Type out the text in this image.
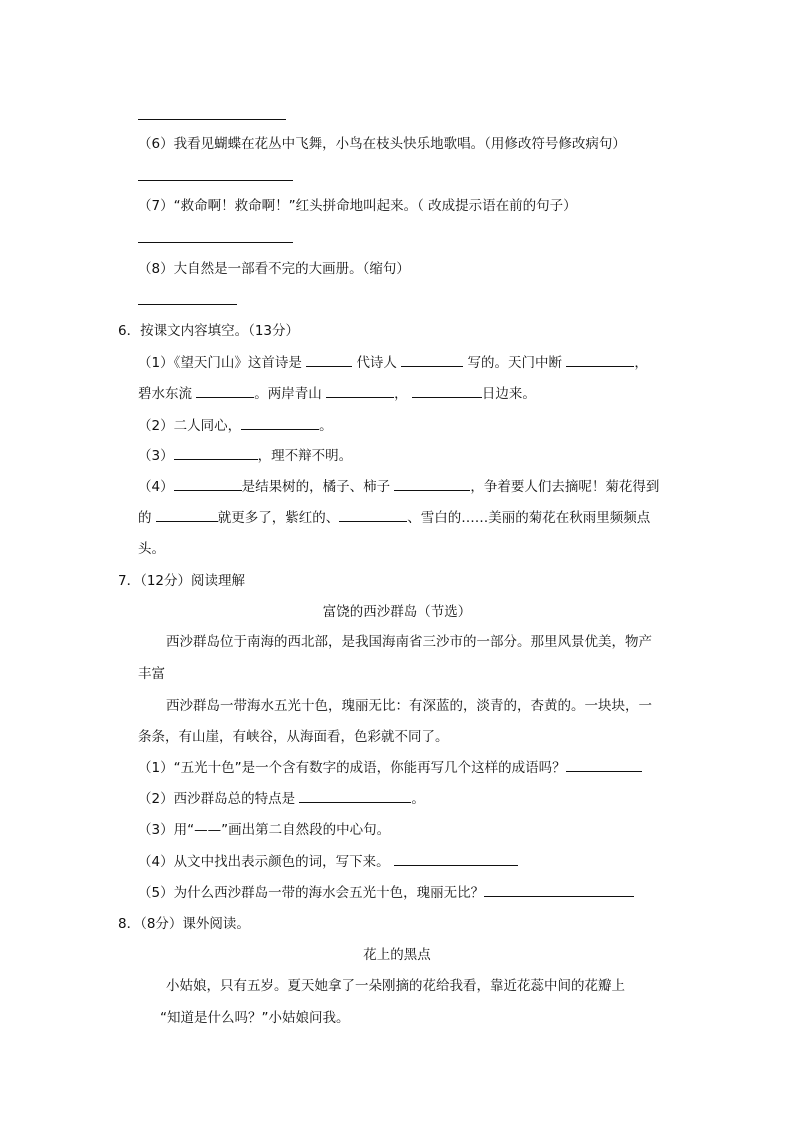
（6）我看见蝴蝶在花丛中飞舞，小鸟在枝头快乐地歌唱。（用修改符号修改病句）
（7）“救命啊！救命啊！”红头拼命地叫起来。（ 改成提示语在前的句子）
（8）大自然是一部看不完的大画册。（缩句）
6．按课文内容填空。（13分）
（1）《望天门山》这首诗是	代诗人	写的。天门中断	，
碧水东流	。两岸青山	，	日边来。
（2）二人同心，	。
（3）	，理不辩不明。
（4）	是结果树的，橘子、柿子	，争着要人们去摘呢！菊花得到
的	就更多了，紫红的、	、雪白的……美丽的菊花在秋雨里频频点
头。
7．（12分）阅读理解
富饶的西沙群岛（节选）
西沙群岛位于南海的西北部，是我国海南省三沙市的一部分。那里风景优美，物产
丰富
西沙群岛一带海水五光十色，瑰丽无比：有深蓝的，淡青的，杏黄的。一块块，一
条条，有山崖，有峡谷，从海面看，色彩就不同了。
（1）“五光十色”是一个含有数字的成语，你能再写几个这样的成语吗？
（2）西沙群岛总的特点是	。
（3）用“——”画出第二自然段的中心句。
（4）从文中找出表示颜色的词，写下来。
（5）为什么西沙群岛一带的海水会五光十色，瑰丽无比？
8．（8分）课外阅读。
花上的黑点
小姑娘，只有五岁。夏天她拿了一朵刚摘的花给我看，靠近花蕊中间的花瓣上
“知道是什么吗？”小姑娘问我。
